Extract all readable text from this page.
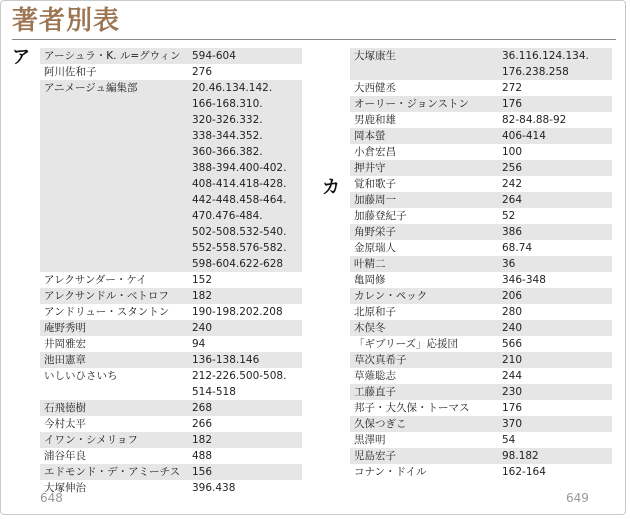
著者別表
ア
カ
アーシュラ・K. ル=グウィン	594-604
阿川佐和子	276
アニメージュ編集部	20.46.134.142.
166-168.310.
320-326.332.
338-344.352.
360-366.382.
388-394.400-402.
408-414.418-428.
442-448.458-464.
470.476-484.
502-508.532-540.
552-558.576-582.
598-604.622-628
アレクサンダー・ケイ	152
アレクサンドル・ベトロフ	182
アンドリュー・スタントン	190-198.202.208
庵野秀明	240
井岡雅宏	94
池田憲章	136-138.146
いしいひさいち	212-226.500-508.
514-518
石飛徳樹	268
今村太平	266
イワン・シメリョフ	182
浦谷年良	488
エドモンド・デ・アミーチス	156
大塚伸治	396.438
大塚康生	36.116.124.134.
176.238.258
大西健丞	272
オーリー・ジョンストン	176
男鹿和雄	82-84.88-92
岡本螢	406-414
小倉宏昌	100
押井守	256
覚和歌子	242
加藤周一	264
加藤登紀子	52
角野栄子	386
金原瑞人	68.74
叶精二	36
亀岡修	346-348
カレン・ペック	206
北原和子	280
木俣冬	240
「ギブリーズ」応援団	566
草次真希子	210
草薙聡志	244
工藤直子	230
邦子・大久保・トーマス	176
久保つぎこ	370
黒澤明	54
児島宏子	98.182
コナン・ドイル	162-164
648	649
